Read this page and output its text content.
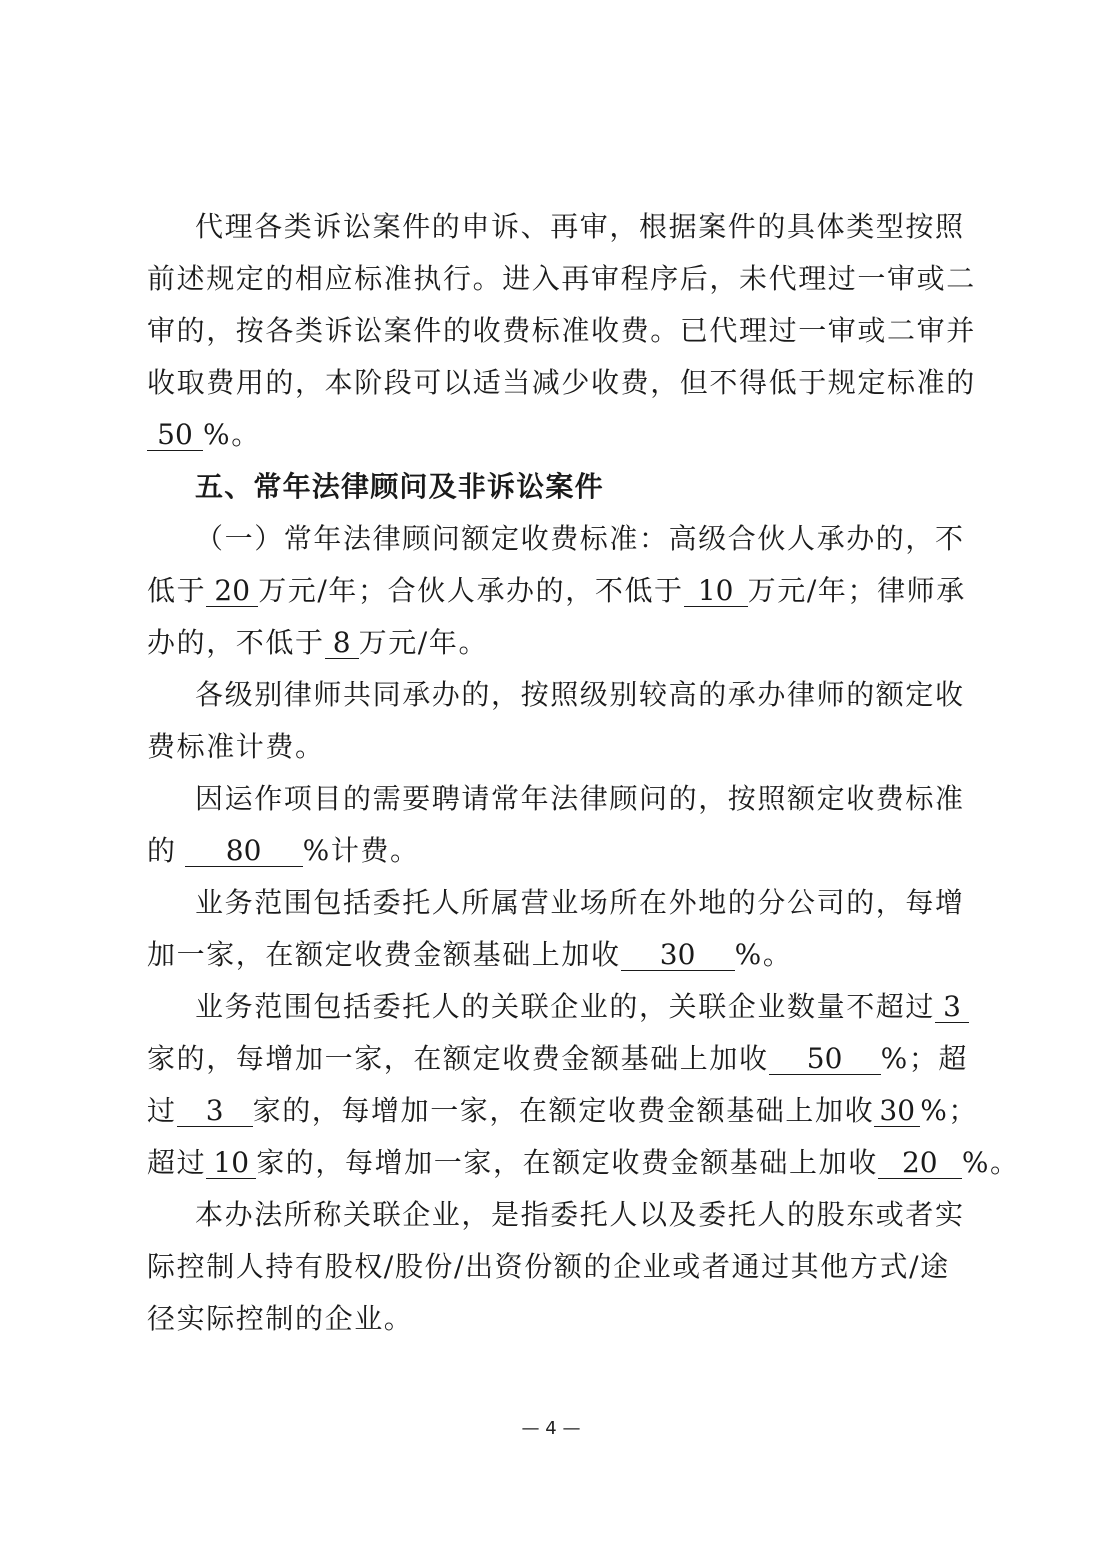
代理各类诉讼案件的申诉、再审，根据案件的具体类型按照
前述规定的相应标准执行。进入再审程序后，未代理过一审或二
审的，按各类诉讼案件的收费标准收费。已代理过一审或二审并
收取费用的，本阶段可以适当减少收费，但不得低于规定标准的
50 %。
五、常年法律顾问及非诉讼案件
（一）常年法律顾问额定收费标准：高级合伙人承办的，不
低于 20 万元/年；合伙人承办的，不低于 10 万元/年；律师承
办的，不低于 8 万元/年。
各级别律师共同承办的，按照级别较高的承办律师的额定收
费标准计费。
因运作项目的需要聘请常年法律顾问的，按照额定收费标准
的 80 %计费。
业务范围包括委托人所属营业场所在外地的分公司的，每增
加一家，在额定收费金额基础上加收 30 %。
业务范围包括委托人的关联企业的，关联企业数量不超过 3
家的，每增加一家，在额定收费金额基础上加收 50 %；超
过 3 家的，每增加一家，在额定收费金额基础上加收 30 %；
超过 10 家的，每增加一家，在额定收费金额基础上加收 20 %。
本办法所称关联企业，是指委托人以及委托人的股东或者实
际控制人持有股权/股份/出资份额的企业或者通过其他方式/途
径实际控制的企业。
— 4 —
